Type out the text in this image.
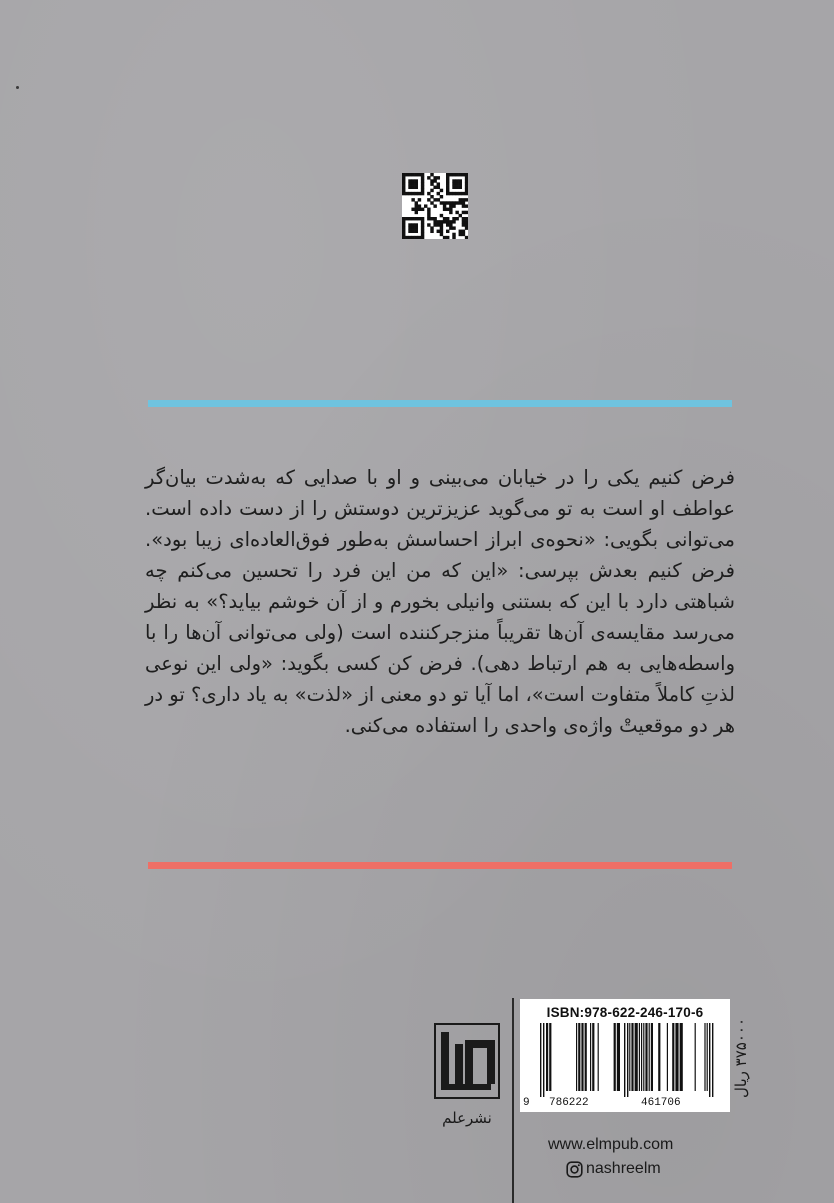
فرض کنیم یکی را در خیابان می‌بینی و او با صدایی که به‌شدت بیان‌گر عواطف او است به تو می‌گوید عزیزترین دوستش را از دست داده است. می‌توانی بگویی: «نحوه‌ی ابراز احساسش به‌طور فوق‌العاده‌ای زیبا بود». فرض کنیم بعدش بپرسی: «این که من این فرد را تحسین می‌کنم چه شباهتی دارد با این که بستنی وانیلی بخورم و از آن خوشم بیاید؟» به نظر می‌رسد مقایسه‌ی آن‌ها تقریباً منزجرکننده است (ولی می‌توانی آن‌ها را با واسطه‌هایی به هم ارتباط دهی). فرض کن کسی بگوید: «ولی این نوعی لذتِ کاملاً متفاوت است»، اما آیا تو دو معنی از «لذت» به یاد داری؟ تو در هر دو موقعیتْ واژه‌ی واحدی را استفاده می‌کنی.

نشرعلم
ISBN:978-622-246-170-6
9 786222	461706
۳۷۵۰۰۰ ریال
www.elmpub.com
nashreelm
